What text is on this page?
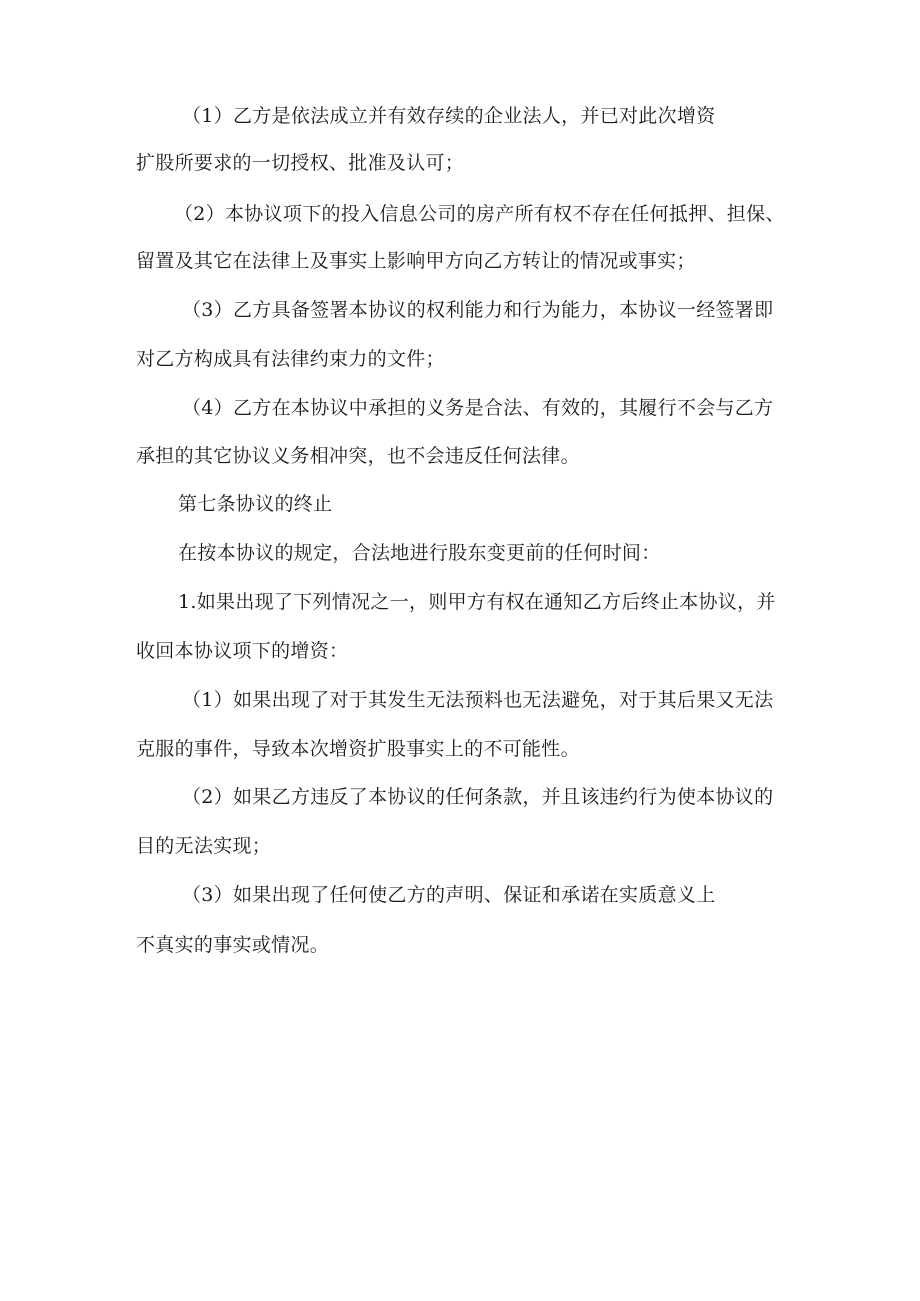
（1）乙方是依法成立并有效存续的企业法人，并已对此次增资
扩股所要求的一切授权、批准及认可；
（2）本协议项下的投入信息公司的房产所有权不存在任何抵押、担保、
留置及其它在法律上及事实上影响甲方向乙方转让的情况或事实；
（3）乙方具备签署本协议的权利能力和行为能力，本协议一经签署即
对乙方构成具有法律约束力的文件；
（4）乙方在本协议中承担的义务是合法、有效的，其履行不会与乙方
承担的其它协议义务相冲突，也不会违反任何法律。
第七条协议的终止
在按本协议的规定，合法地进行股东变更前的任何时间：
1.如果出现了下列情况之一，则甲方有权在通知乙方后终止本协议，并
收回本协议项下的增资：
（1）如果出现了对于其发生无法预料也无法避免，对于其后果又无法
克服的事件，导致本次增资扩股事实上的不可能性。
（2）如果乙方违反了本协议的任何条款，并且该违约行为使本协议的
目的无法实现；
（3）如果出现了任何使乙方的声明、保证和承诺在实质意义上
不真实的事实或情况。
